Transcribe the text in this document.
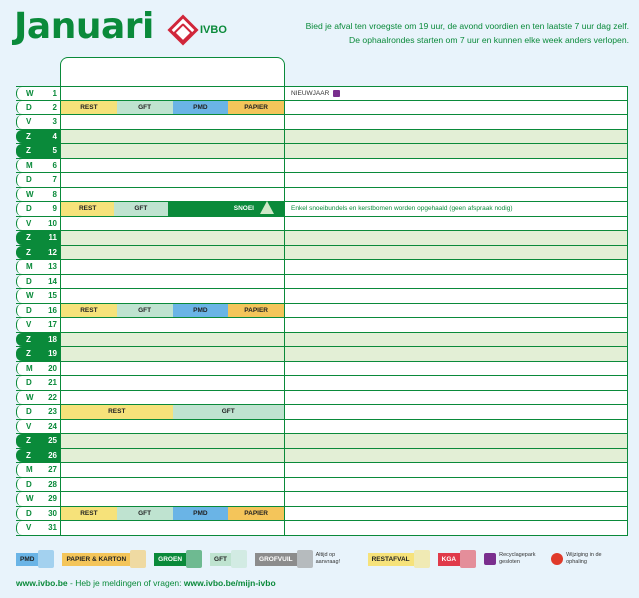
Januari	IVBO	Bied je afval ten vroegste om 19 uur, de avond voordien en ten laatste 7 uur dag zelf.
De ophaalrondes starten om 7 uur en kunnen elke week anders verlopen.
W	1	NIEUWJAAR
D	2	REST	GFT	PMD	PAPIER
V	3
Z	4
Z	5
M	6
D	7
W	8
D	9	REST	GFT	SNOEI	Enkel snoeibundels en kerstbomen worden opgehaald (geen afspraak nodig)
V	10
Z	11
Z	12
M	13
D	14
W	15
D	16	REST	GFT	PMD	PAPIER
V	17
Z	18
Z	19
M	20
D	21
W	22
D	23	REST	GFT
V	24
Z	25
Z	26
M	27
D	28
W	29
D	30	REST	GFT	PMD	PAPIER
V	31
PMD	PAPIER & KARTON	GROEN	GFT	GROFVUIL
Altijd op aanvraag!	RESTAFVAL	KGA
Recyclagepark gesloten
Wijziging in de ophaling
www.ivbo.be - Heb je meldingen of vragen: www.ivbo.be/mijn-ivbo
